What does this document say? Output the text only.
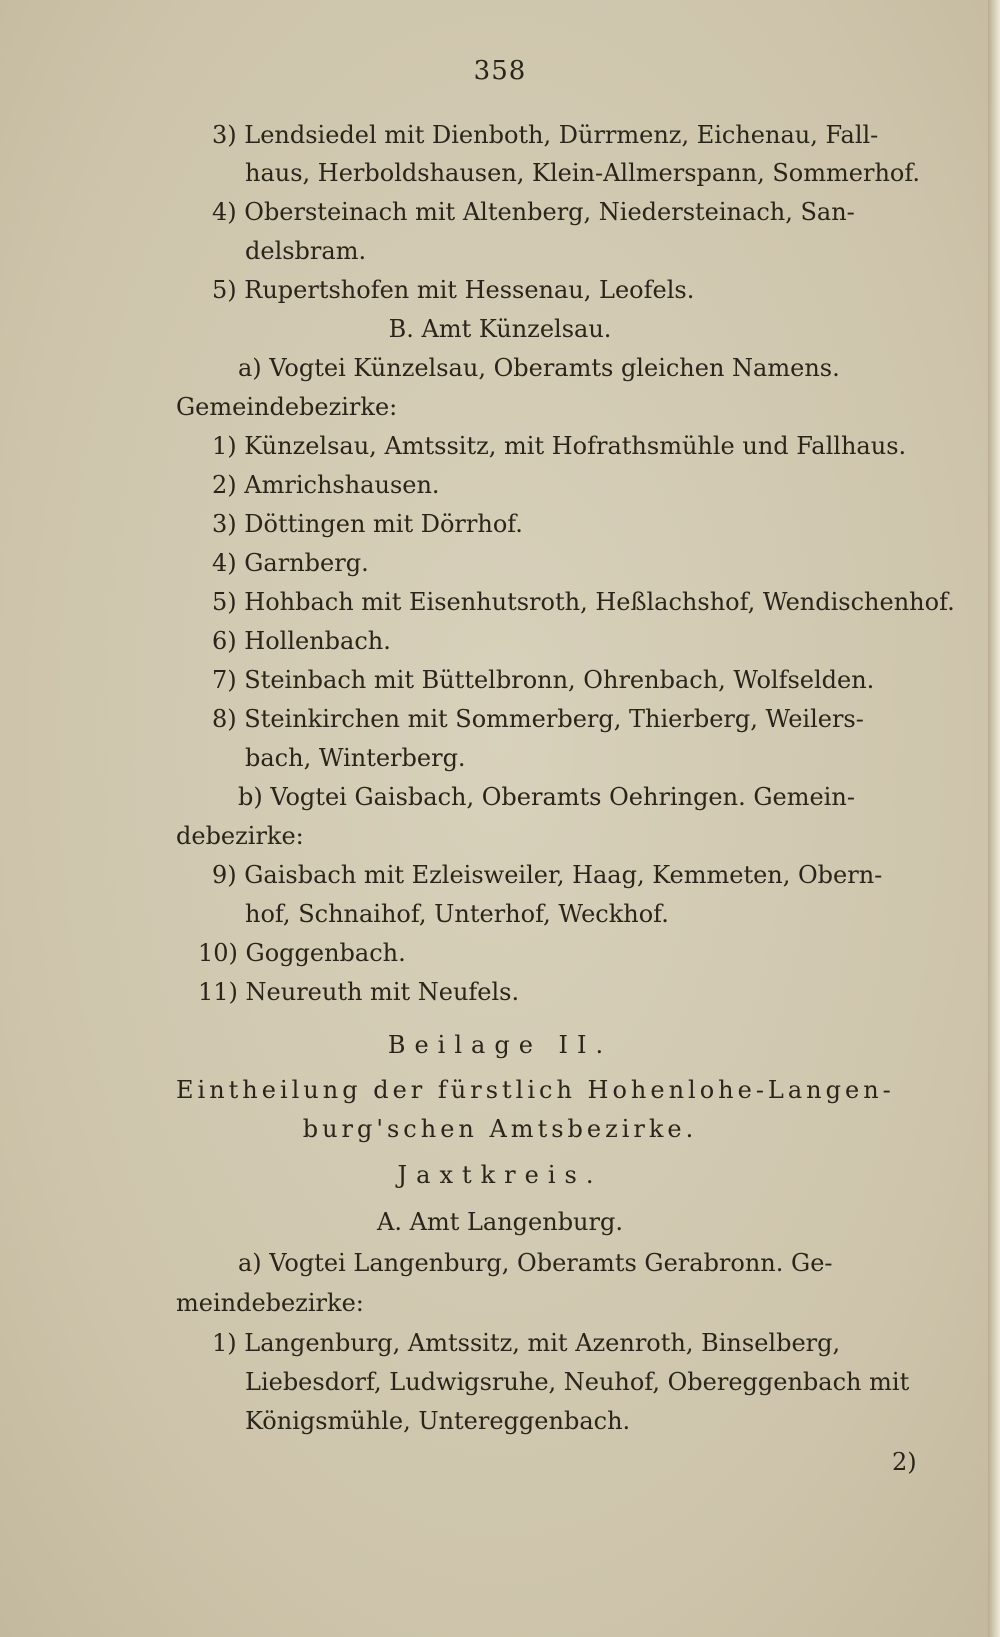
358
3) Lendsiedel mit Dienboth, Dürrmenz, Eichenau, Fall-
haus, Herboldshausen, Klein-Allmerspann, Sommerhof.
4) Obersteinach mit Altenberg, Niedersteinach, San-
delsbram.
5) Rupertshofen mit Hessenau, Leofels.
B. Amt Künzelsau.
a) Vogtei Künzelsau, Oberamts gleichen Namens.
Gemeindebezirke:
1) Künzelsau, Amtssitz, mit Hofrathsmühle und Fallhaus.
2) Amrichshausen.
3) Döttingen mit Dörrhof.
4) Garnberg.
5) Hohbach mit Eisenhutsroth, Heßlachshof, Wendischenhof.
6) Hollenbach.
7) Steinbach mit Büttelbronn, Ohrenbach, Wolfselden.
8) Steinkirchen mit Sommerberg, Thierberg, Weilers-
bach, Winterberg.
b) Vogtei Gaisbach, Oberamts Oehringen. Gemein-
debezirke:
9) Gaisbach mit Ezleisweiler, Haag, Kemmeten, Obern-
hof, Schnaihof, Unterhof, Weckhof.
10) Goggenbach.
11) Neureuth mit Neufels.
Beilage II.
Eintheilung der fürstlich Hohenlohe-Langen-
burg'schen Amtsbezirke.
Jaxtkreis.
A. Amt Langenburg.
a) Vogtei Langenburg, Oberamts Gerabronn. Ge-
meindebezirke:
1) Langenburg, Amtssitz, mit Azenroth, Binselberg,
Liebesdorf, Ludwigsruhe, Neuhof, Obereggenbach mit
Königsmühle, Untereggenbach.
2)
